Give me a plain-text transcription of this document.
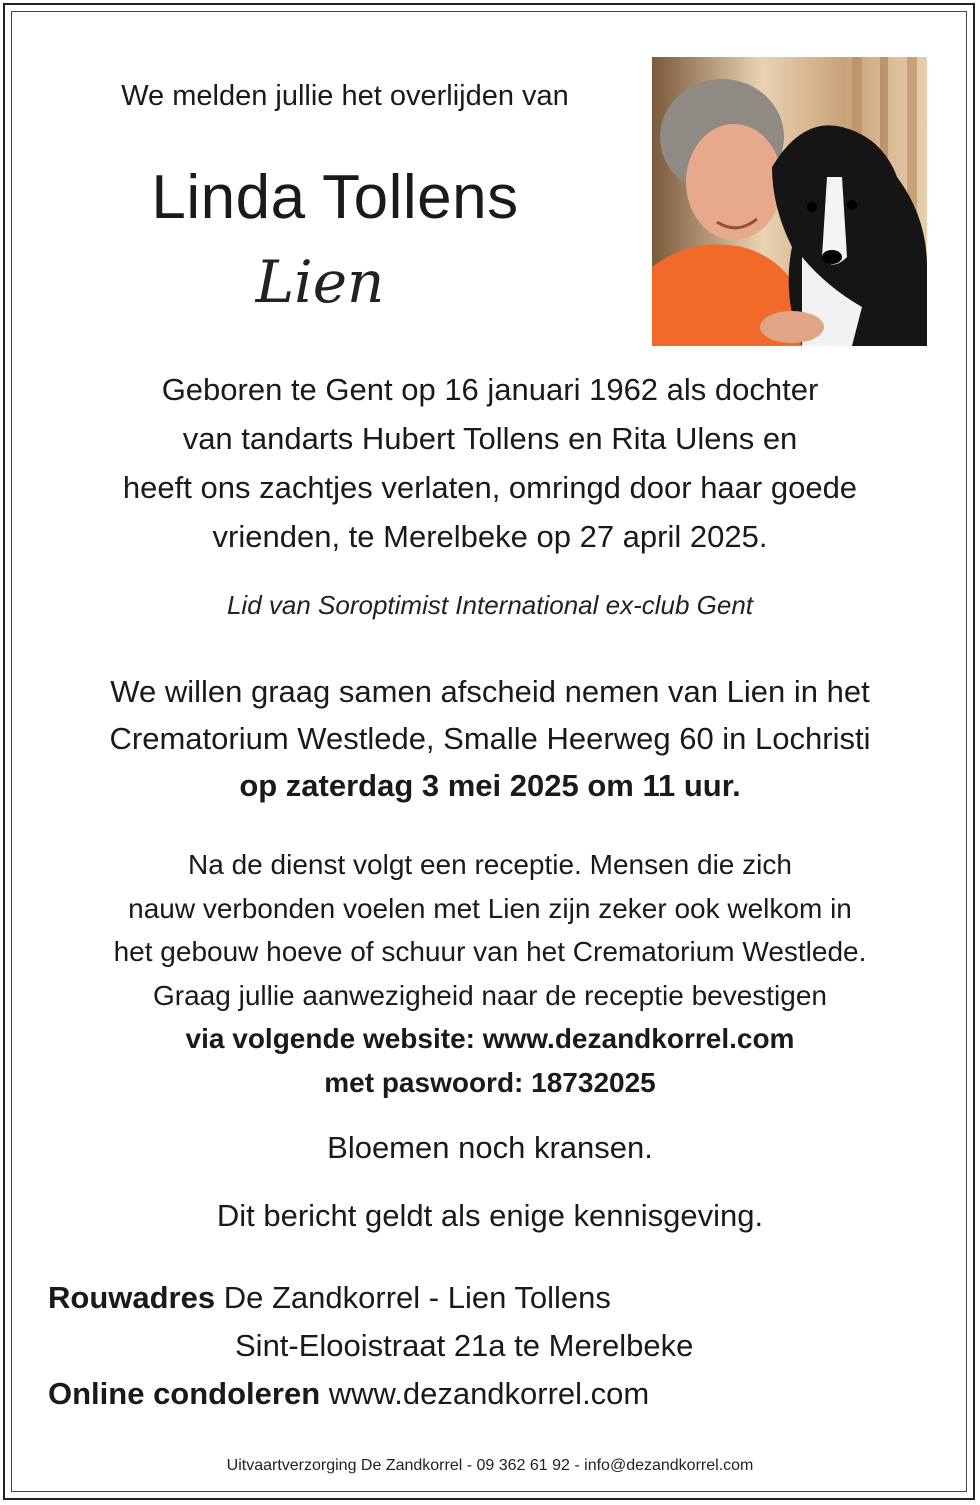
We melden jullie het overlijden van
Linda Tollens
Lien
Geboren te Gent op 16 januari 1962 als dochter
van tandarts Hubert Tollens en Rita Ulens en
heeft ons zachtjes verlaten, omringd door haar goede
vrienden, te Merelbeke op 27 april 2025.
Lid van Soroptimist International ex-club Gent
We willen graag samen afscheid nemen van Lien in het
Crematorium Westlede, Smalle Heerweg 60 in Lochristi
op zaterdag 3 mei 2025 om 11 uur.
Na de dienst volgt een receptie. Mensen die zich
nauw verbonden voelen met Lien zijn zeker ook welkom in
het gebouw hoeve of schuur van het Crematorium Westlede.
Graag jullie aanwezigheid naar de receptie bevestigen
via volgende website: www.dezandkorrel.com
met paswoord: 18732025
Bloemen noch kransen.
Dit bericht geldt als enige kennisgeving.
Rouwadres De Zandkorrel - Lien Tollens
Sint-Elooistraat 21a te Merelbeke
Online condoleren www.dezandkorrel.com
Uitvaartverzorging De Zandkorrel - 09 362 61 92 - info@dezandkorrel.com
